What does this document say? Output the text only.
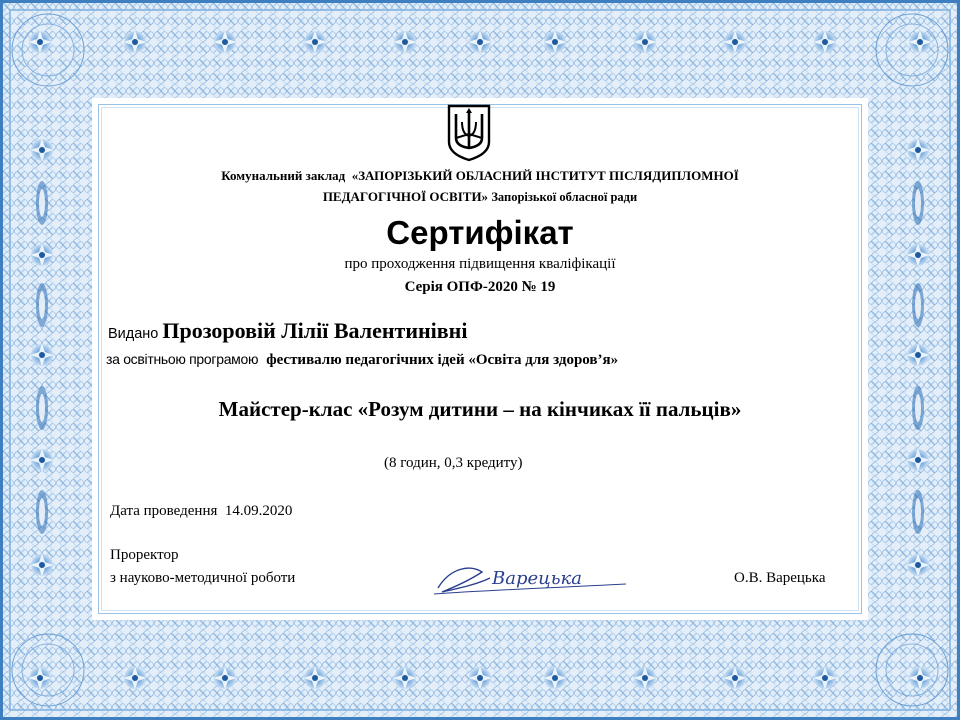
Комунальний заклад «ЗАПОРІЗЬКИЙ ОБЛАСНИЙ ІНСТИТУТ ПІСЛЯДИПЛОМНОЇ
ПЕДАГОГІЧНОЇ ОСВІТИ» Запорізької обласної ради
Сертифікат
про проходження підвищення кваліфікації
Серія ОПФ-2020 № 19
Видано Прозоровій Лілії Валентинівні
за освітньою програмою фестивалю педагогічних ідей «Освіта для здоров’я»
Майстер-клас «Розум дитини – на кінчиках її пальців»
(8 годин, 0,3 кредиту)
Дата проведення 14.09.2020
Проректор
з науково-методичної роботи	Варецька	О.В. Варецька
